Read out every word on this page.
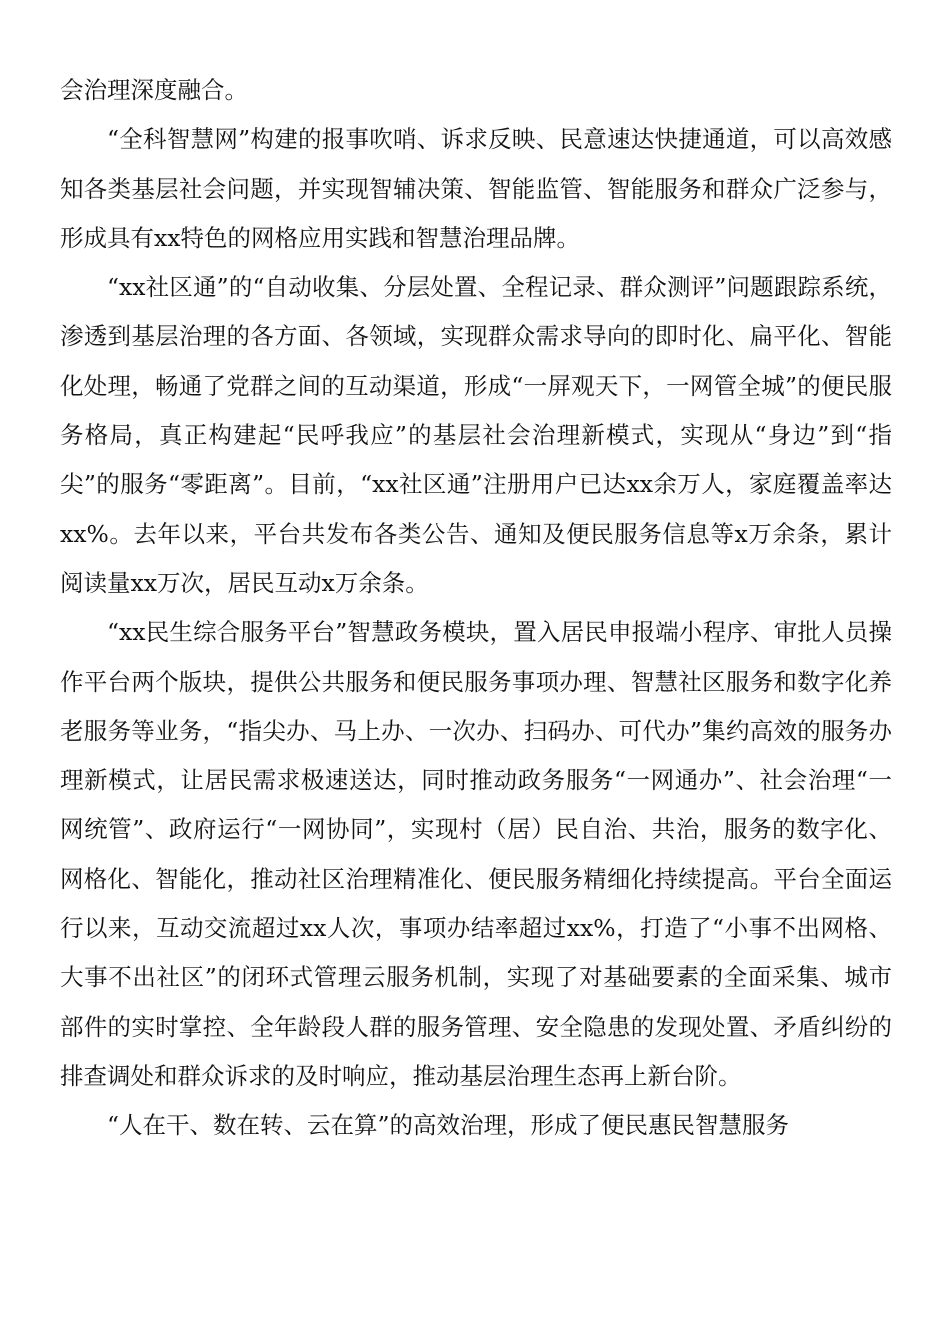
会治理深度融合。

“全科智慧网”构建的报事吹哨、诉求反映、民意速达快捷通道，可以高效感知各类基层社会问题，并实现智辅决策、智能监管、智能服务和群众广泛参与，形成具有xx特色的网格应用实践和智慧治理品牌。

“xx社区通”的“自动收集、分层处置、全程记录、群众测评”问题跟踪系统，渗透到基层治理的各方面、各领域，实现群众需求导向的即时化、扁平化、智能化处理，畅通了党群之间的互动渠道，形成“一屏观天下，一网管全城”的便民服务格局，真正构建起“民呼我应”的基层社会治理新模式，实现从“身边”到“指尖”的服务“零距离”。目前，“xx社区通”注册用户已达xx余万人，家庭覆盖率达xx%。去年以来，平台共发布各类公告、通知及便民服务信息等x万余条，累计阅读量xx万次，居民互动x万余条。

“xx民生综合服务平台”智慧政务模块，置入居民申报端小程序、审批人员操作平台两个版块，提供公共服务和便民服务事项办理、智慧社区服务和数字化养老服务等业务，“指尖办、马上办、一次办、扫码办、可代办”集约高效的服务办理新模式，让居民需求极速送达，同时推动政务服务“一网通办”、社会治理“一网统管”、政府运行“一网协同”，实现村（居）民自治、共治，服务的数字化、网格化、智能化，推动社区治理精准化、便民服务精细化持续提高。平台全面运行以来，互动交流超过xx人次，事项办结率超过xx%，打造了“小事不出网格、大事不出社区”的闭环式管理云服务机制，实现了对基础要素的全面采集、城市部件的实时掌控、全年龄段人群的服务管理、安全隐患的发现处置、矛盾纠纷的排查调处和群众诉求的及时响应，推动基层治理生态再上新台阶。

“人在干、数在转、云在算”的高效治理，形成了便民惠民智慧服务
